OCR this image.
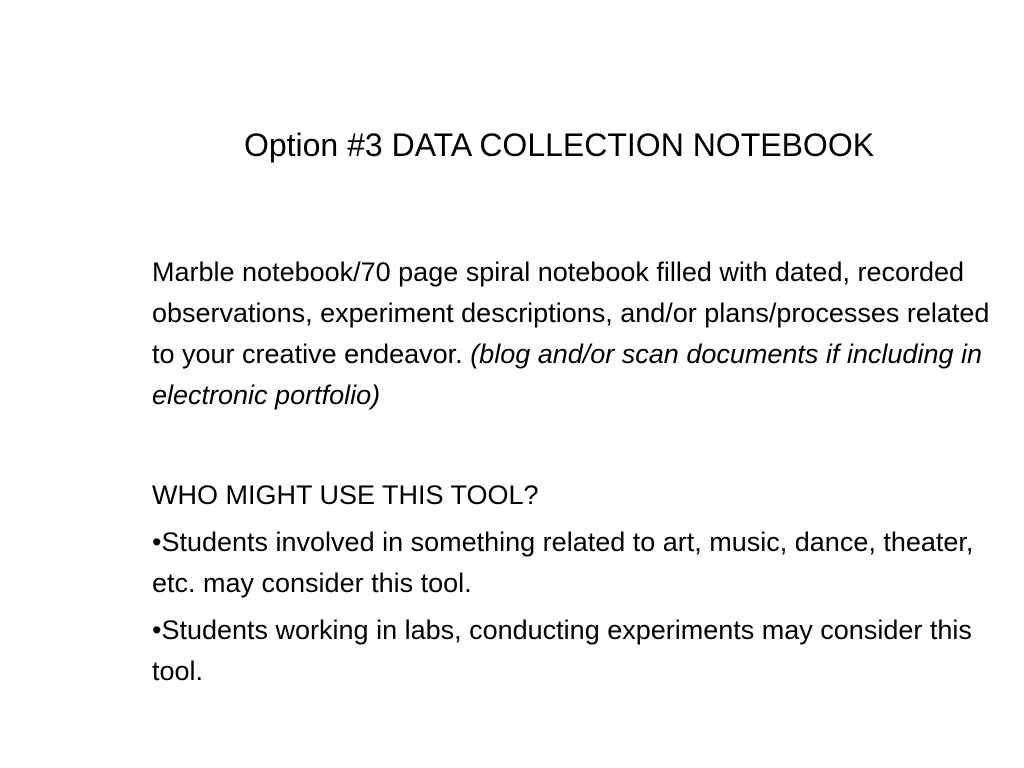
Option #3 DATA COLLECTION NOTEBOOK

Marble notebook/70 page spiral notebook filled with dated, recorded observations, experiment descriptions, and/or plans/processes related to your creative endeavor. (blog and/or scan documents if including in electronic portfolio)

WHO MIGHT USE THIS TOOL?

•Students involved in something related to art, music, dance, theater, etc. may consider this tool.

•Students working in labs, conducting experiments may consider this tool.
